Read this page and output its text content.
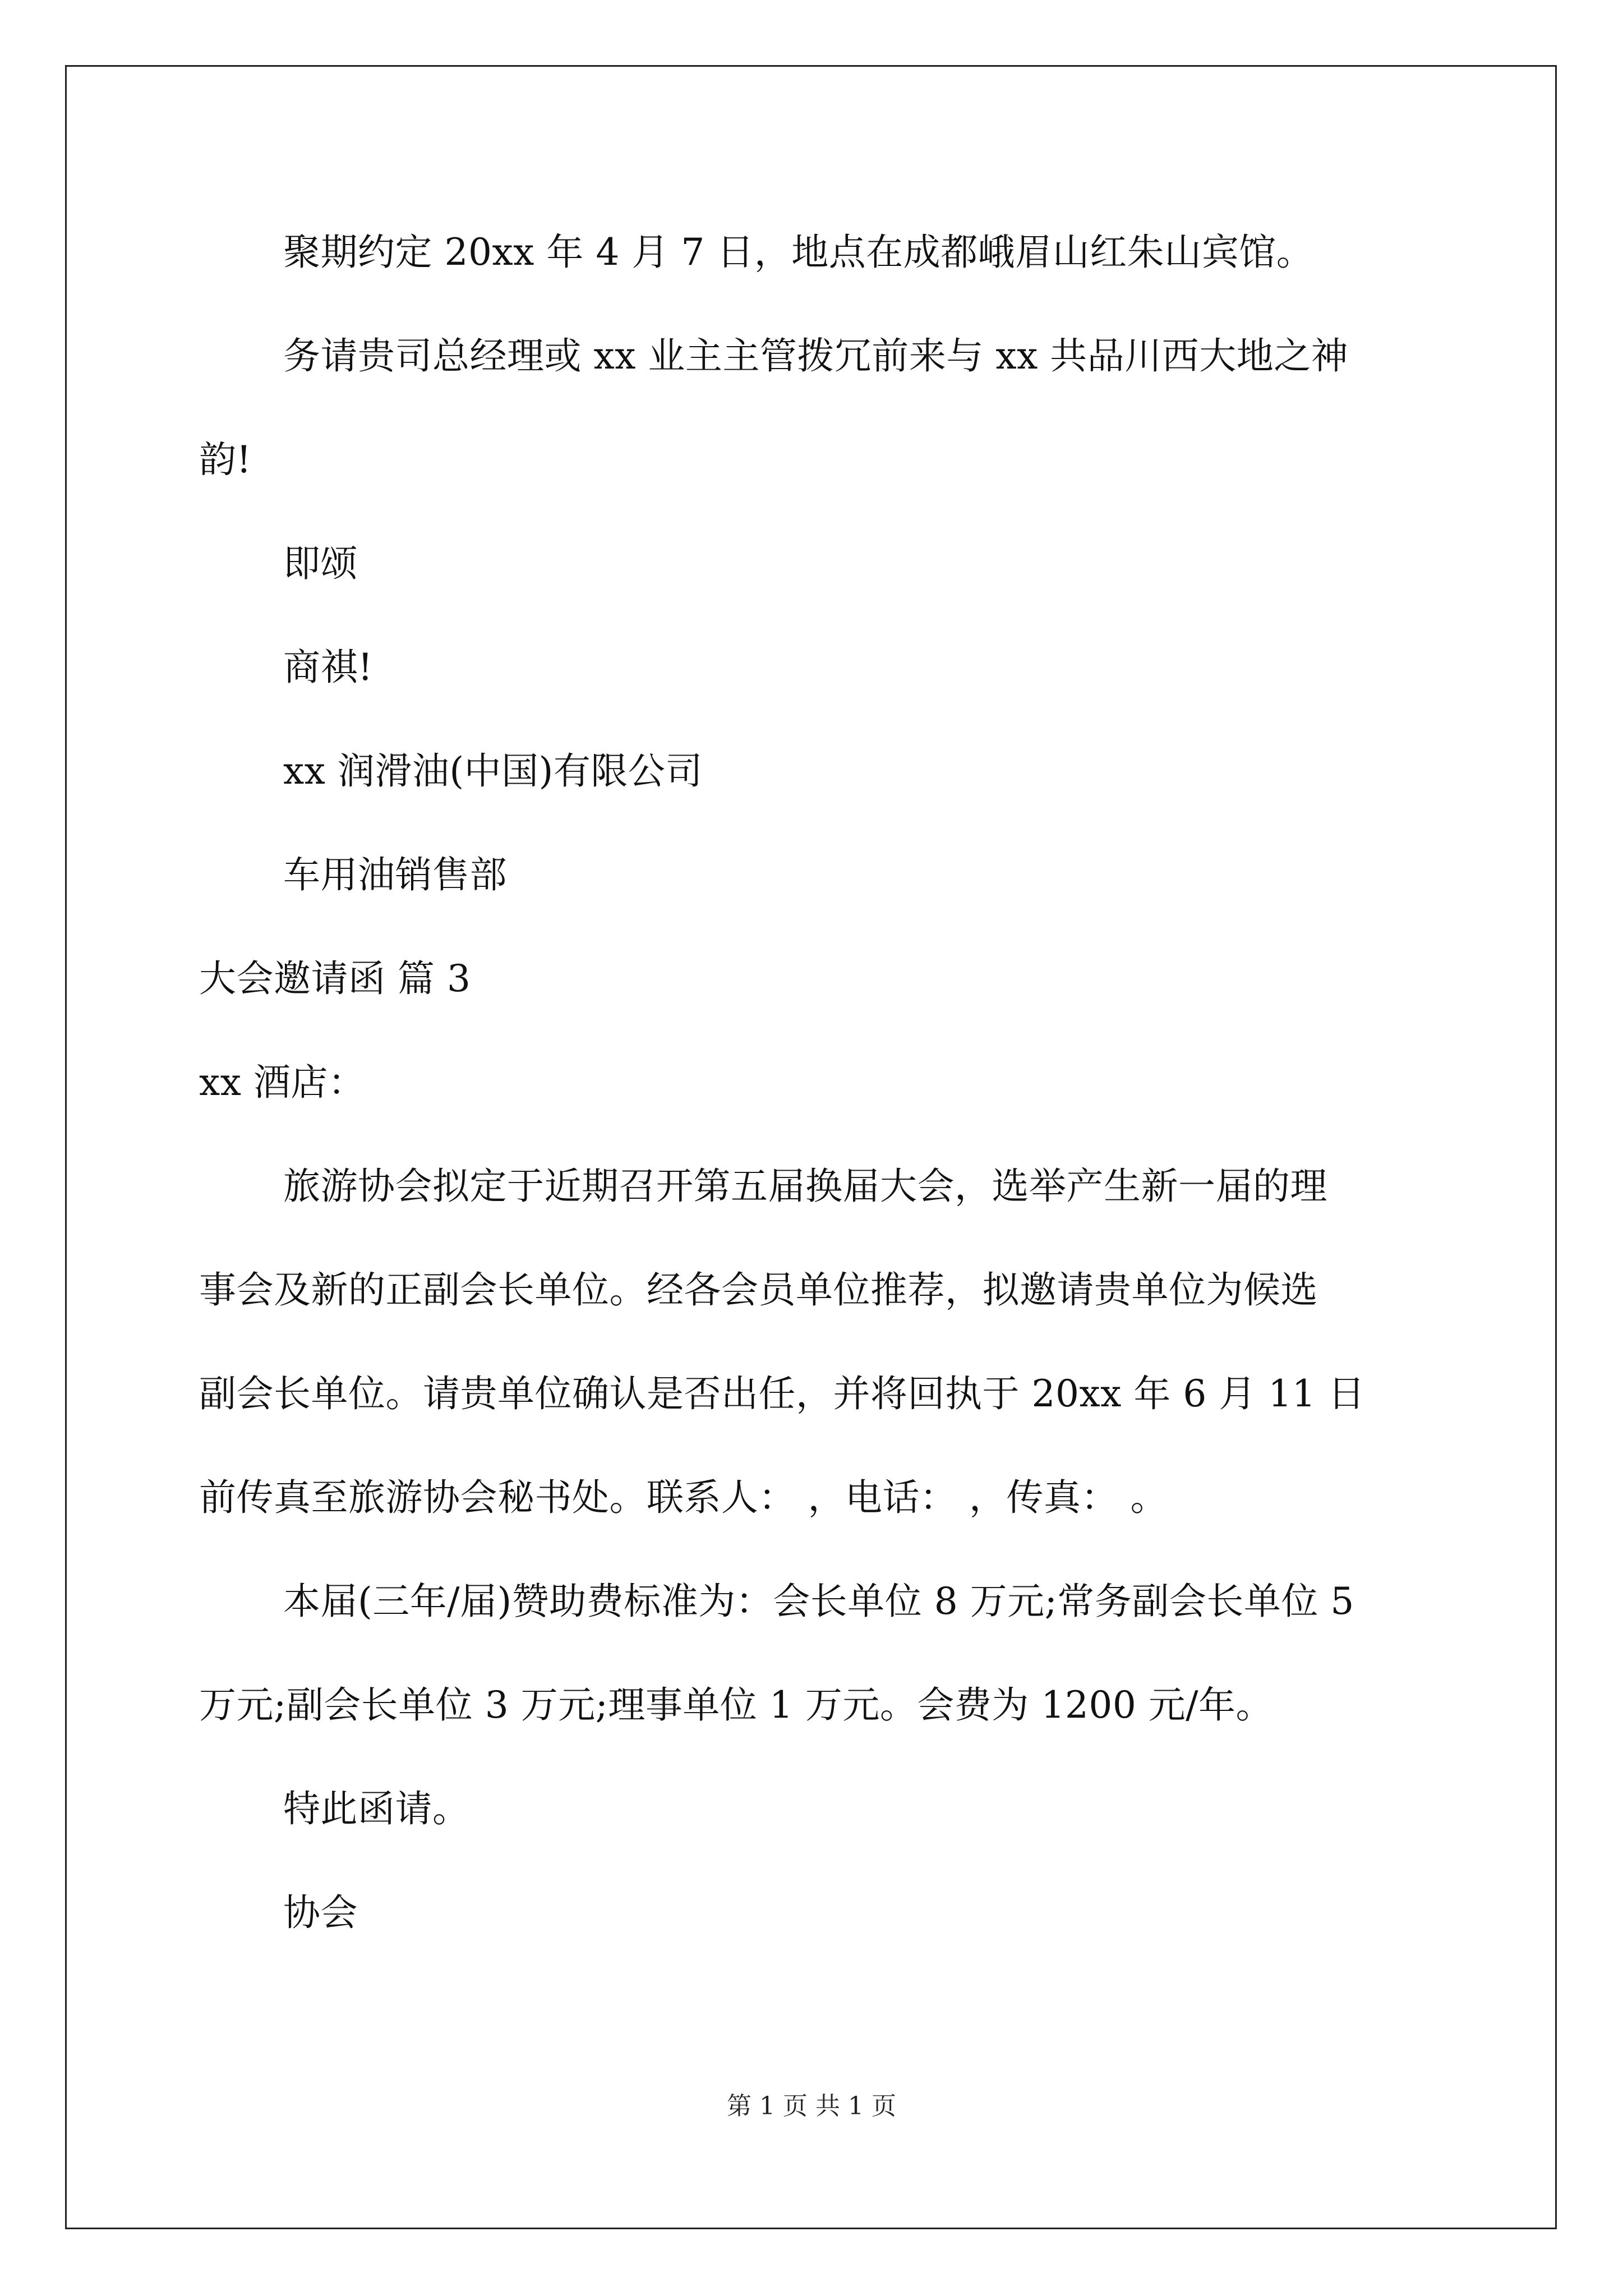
聚期约定 20xx 年 4 月 7 日，地点在成都峨眉山红朱山宾馆。
务请贵司总经理或 xx 业主主管拨冗前来与 xx 共品川西大地之神
韵!
即颂
商祺!
xx 润滑油(中国)有限公司
车用油销售部
大会邀请函 篇 3
xx 酒店：
旅游协会拟定于近期召开第五届换届大会，选举产生新一届的理
事会及新的正副会长单位。经各会员单位推荐，拟邀请贵单位为候选
副会长单位。请贵单位确认是否出任，并将回执于 20xx 年 6 月 11 日
前传真至旅游协会秘书处。联系人： ，电话： ，传真： 。
本届(三年/届)赞助费标准为：会长单位 8 万元;常务副会长单位 5
万元;副会长单位 3 万元;理事单位 1 万元。会费为 1200 元/年。
特此函请。
协会
第 1 页 共 1 页
